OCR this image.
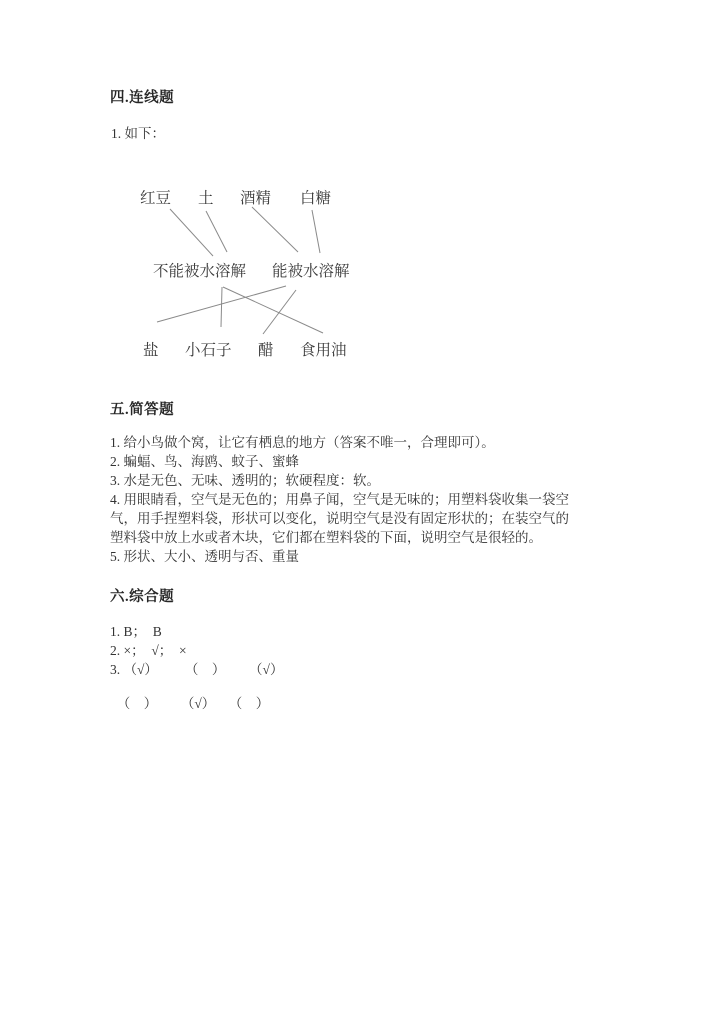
四.连线题
1. 如下：
红豆 土 酒精 白糖
不能被水溶解 能被水溶解
盐 小石子 醋 食用油
五.简答题
1. 给小鸟做个窝，让它有栖息的地方（答案不唯一，合理即可）。
2. 蝙蝠、鸟、海鸥、蚊子、蜜蜂
3. 水是无色、无味、透明的；软硬程度：软。
4. 用眼睛看，空气是无色的；用鼻子闻，空气是无味的；用塑料袋收集一袋空
气，用手捏塑料袋，形状可以变化，说明空气是没有固定形状的；在装空气的
塑料袋中放上水或者木块，它们都在塑料袋的下面，说明空气是很轻的。
5. 形状、大小、透明与否、重量
六.综合题
1. B；  B
2. ×；  √；  ×
3. （√）　　  （　）　　 （√）
（　）　　 （√）　　（　）
